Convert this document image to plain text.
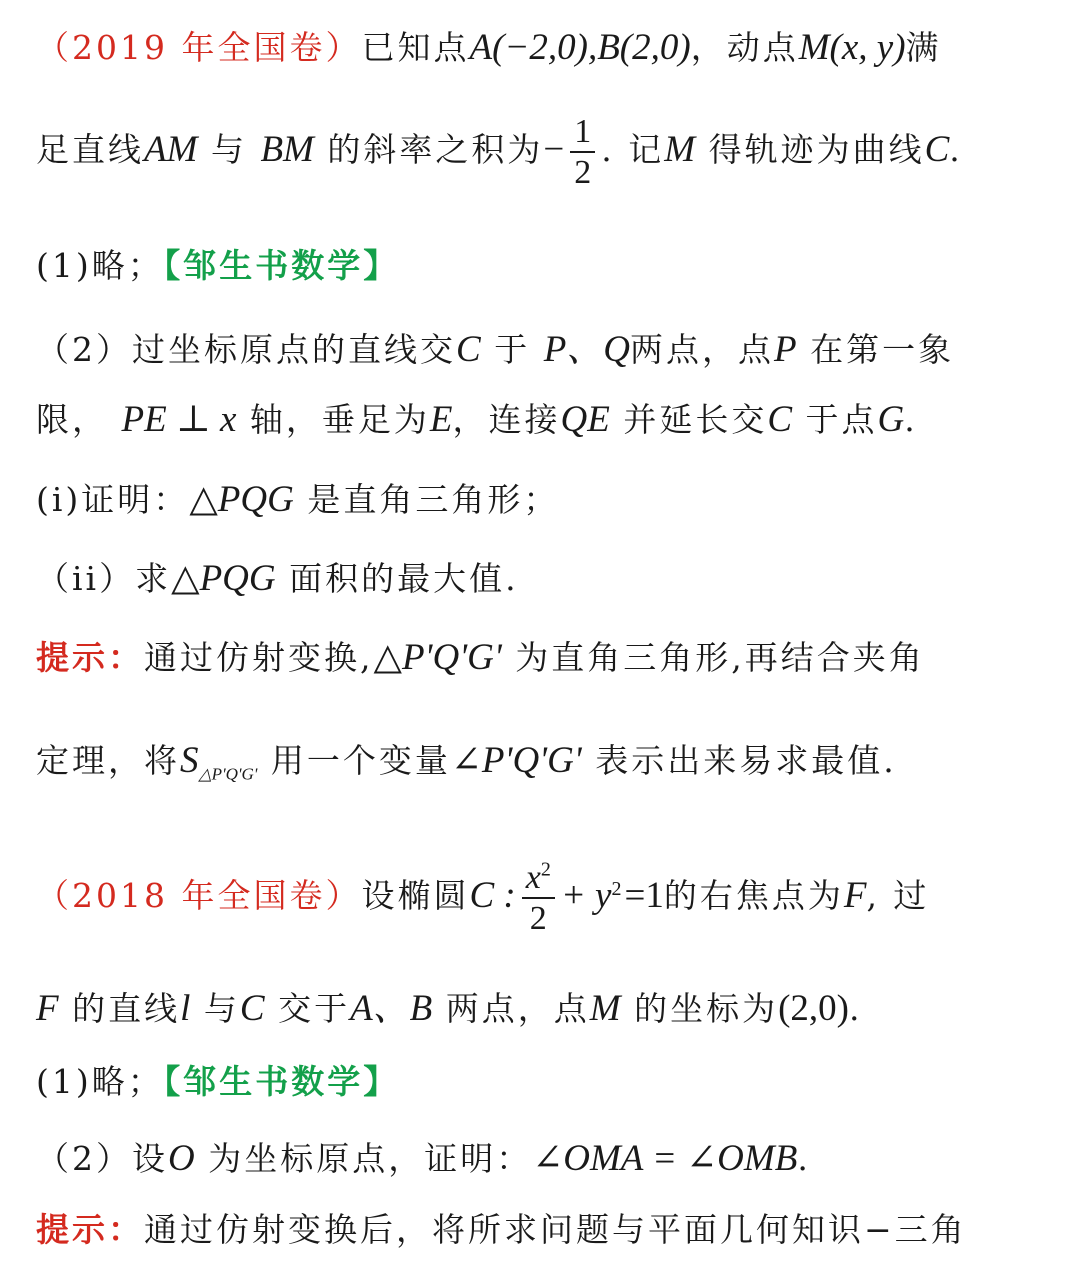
（2019 年全国卷）已知点A(−2,0),B(2,0)，动点M(x, y)满
足直线AM 与 BM 的斜率之积为− $\frac{1}{2}$ . 记M 得轨迹为曲线C.
(1)略；【邹生书数学】
（2）过坐标原点的直线交C 于 P、Q两点，点P 在第一象
限， PE ⊥ x 轴，垂足为E，连接QE 并延长交C 于点G.
(i)证明：△PQG 是直角三角形；
（ii）求△PQG 面积的最大值.
提示：通过仿射变换,△P'Q'G' 为直角三角形,再结合夹角
定理，将$S_{\triangle P'Q'G'}$ 用一个变量∠P'Q'G' 表示出来易求最值.
（2018 年全国卷）设椭圆C : $\frac{x^2}{2} + y^2=1$的右焦点为F, 过
F 的直线l 与C 交于A、B 两点，点M 的坐标为(2,0).
(1)略；【邹生书数学】
（2）设O 为坐标原点，证明：∠OMA = ∠OMB.
提示：通过仿射变换后，将所求问题与平面几何知识−三角
